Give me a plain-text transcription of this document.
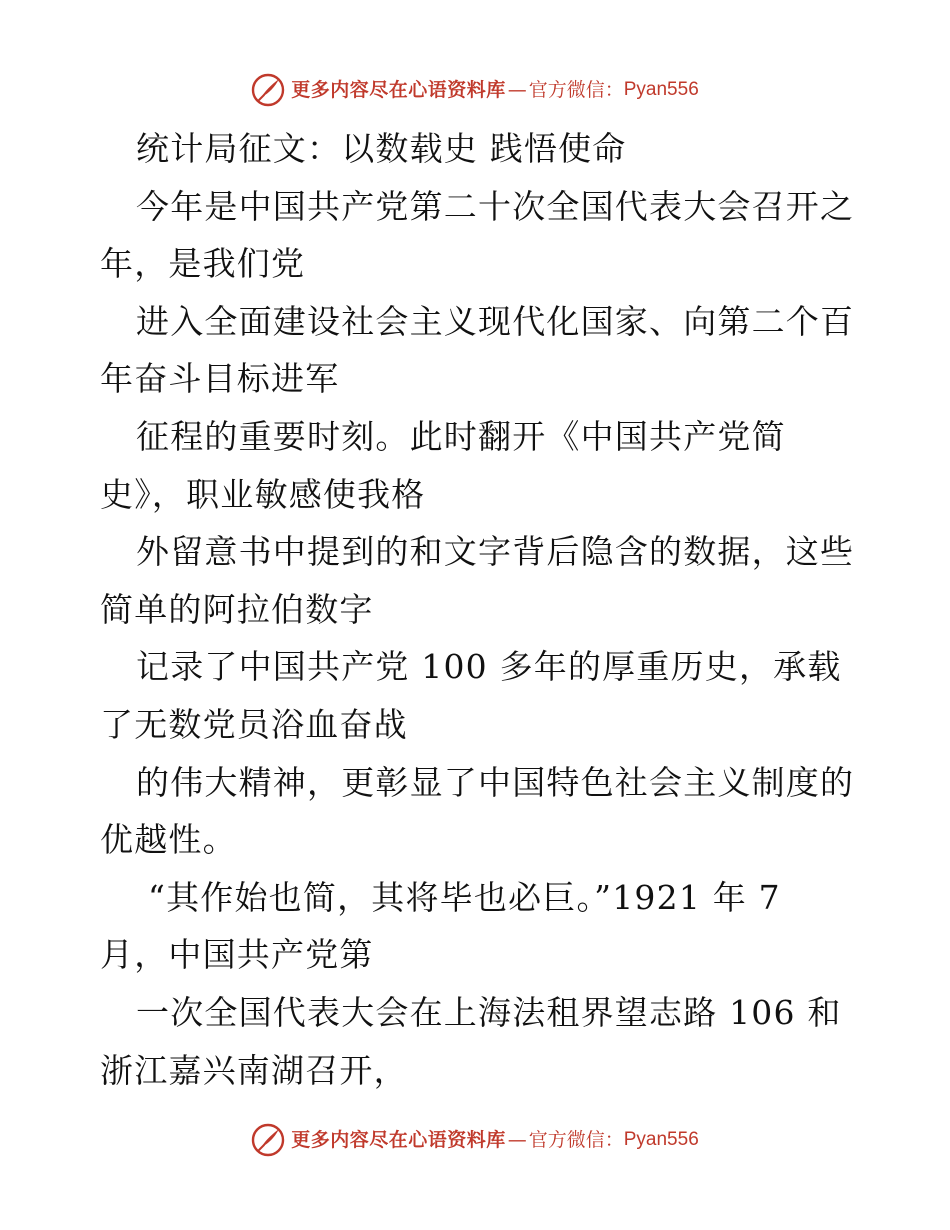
更多内容尽在心语资料库 — 官方微信： Pyan556
统计局征文：以数载史 践悟使命
今年是中国共产党第二十次全国代表大会召开之
年，是我们党
进入全面建设社会主义现代化国家、向第二个百
年奋斗目标进军
征程的重要时刻。此时翻开《中国共产党简
史》，职业敏感使我格
外留意书中提到的和文字背后隐含的数据，这些
简单的阿拉伯数字
记录了中国共产党 100 多年的厚重历史，承载
了无数党员浴血奋战
的伟大精神，更彰显了中国特色社会主义制度的
优越性。
“其作始也简，其将毕也必巨。”1921 年 7
月，中国共产党第
一次全国代表大会在上海法租界望志路 106 和
浙江嘉兴南湖召开，
更多内容尽在心语资料库 — 官方微信： Pyan556
